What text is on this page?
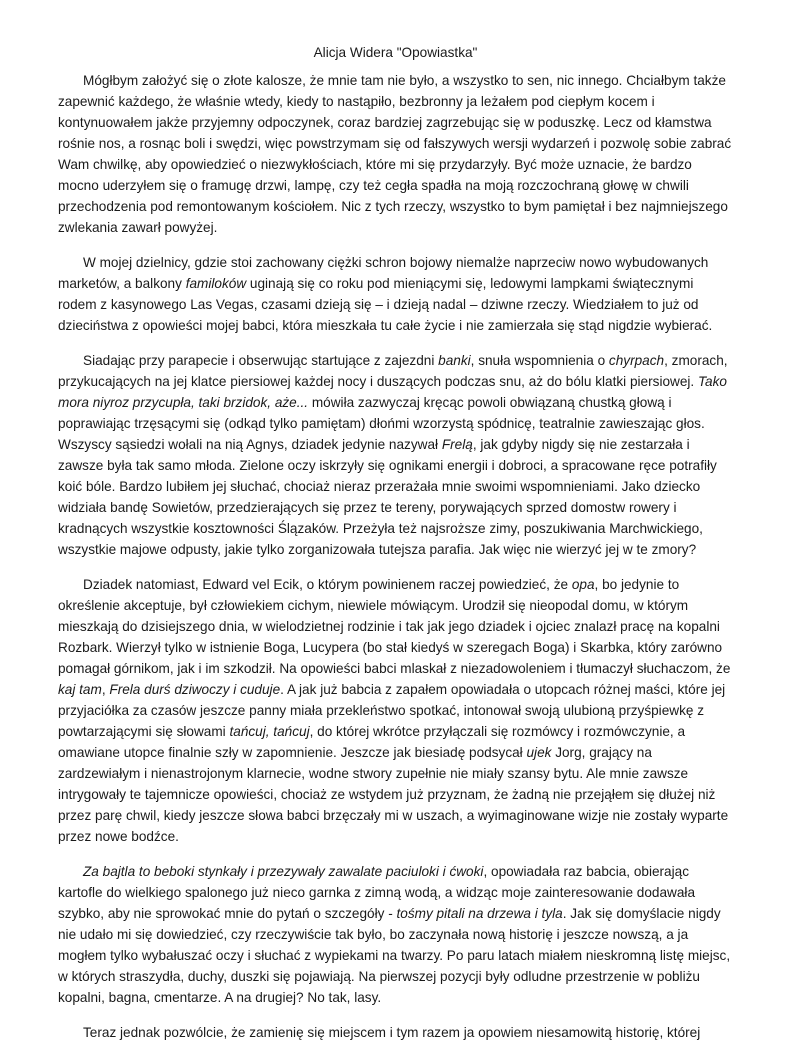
Alicja Widera "Opowiastka"

Mógłbym założyć się o złote kalosze, że mnie tam nie było, a wszystko to sen, nic innego. Chciałbym także zapewnić każdego, że właśnie wtedy, kiedy to nastąpiło, bezbronny ja leżałem pod ciepłym kocem i kontynuowałem jakże przyjemny odpoczynek, coraz bardziej zagrzebując się w poduszkę. Lecz od kłamstwa rośnie nos, a rosnąc boli i swędzi, więc powstrzymam się od fałszywych wersji wydarzeń i pozwolę sobie zabrać Wam chwilkę, aby opowiedzieć o niezwykłościach, które mi się przydarzyły. Być może uznacie, że bardzo mocno uderzyłem się o framugę drzwi, lampę, czy też cegła spadła na moją rozczochraną głowę w chwili przechodzenia pod remontowanym kościołem. Nic z tych rzeczy, wszystko to bym pamiętał i bez najmniejszego zwlekania zawarł powyżej.

W mojej dzielnicy, gdzie stoi zachowany ciężki schron bojowy niemalże naprzeciw nowo wybudowanych marketów, a balkony familoków uginają się co roku pod mieniącymi się, ledowymi lampkami świątecznymi rodem z kasynowego Las Vegas, czasami dzieją się – i dzieją nadal – dziwne rzeczy. Wiedziałem to już od dzieciństwa z opowieści mojej babci, która mieszkała tu całe życie i nie zamierzała się stąd nigdzie wybierać.

Siadając przy parapecie i obserwując startujące z zajezdni banki, snuła wspomnienia o chyrpach, zmorach, przykucających na jej klatce piersiowej każdej nocy i duszących podczas snu, aż do bólu klatki piersiowej. Tako mora niyroz przycupła, taki brzidok, aże... mówiła zazwyczaj kręcąc powoli obwiązaną chustką głową i poprawiając trzęsącymi się (odkąd tylko pamiętam) dłońmi wzorzystą spódnicę, teatralnie zawieszając głos. Wszyscy sąsiedzi wołali na nią Agnys, dziadek jedynie nazywał Frelą, jak gdyby nigdy się nie zestarzała i zawsze była tak samo młoda. Zielone oczy iskrzyły się ognikami energii i dobroci, a spracowane ręce potrafiły koić bóle. Bardzo lubiłem jej słuchać, chociaż nieraz przerażała mnie swoimi wspomnieniami. Jako dziecko widziała bandę Sowietów, przedzierających się przez te tereny, porywających sprzed domostw rowery i kradnących wszystkie kosztowności Ślązaków. Przeżyła też najsroższe zimy, poszukiwania Marchwickiego, wszystkie majowe odpusty, jakie tylko zorganizowała tutejsza parafia. Jak więc nie wierzyć jej w te zmory?

Dziadek natomiast, Edward vel Ecik, o którym powinienem raczej powiedzieć, że opa, bo jedynie to określenie akceptuje, był człowiekiem cichym, niewiele mówiącym. Urodził się nieopodal domu, w którym mieszkają do dzisiejszego dnia, w wielodzietnej rodzinie i tak jak jego dziadek i ojciec znalazł pracę na kopalni Rozbark. Wierzył tylko w istnienie Boga, Lucypera (bo stał kiedyś w szeregach Boga) i Skarbka, który zarówno pomagał górnikom, jak i im szkodził. Na opowieści babci mlaskał z niezadowoleniem i tłumaczył słuchaczom, że kaj tam, Frela durś dziwoczy i cuduje. A jak już babcia z zapałem opowiadała o utopcach różnej maści, które jej przyjaciółka za czasów jeszcze panny miała przekleństwo spotkać, intonował swoją ulubioną przyśpiewkę z powtarzającymi się słowami tańcuj, tańcuj, do której wkrótce przyłączali się rozmówcy i rozmówczynie, a omawiane utopce finalnie szły w zapomnienie. Jeszcze jak biesiadę podsycał ujek Jorg, grający na zardzewiałym i nienastrojonym klarnecie, wodne stwory zupełnie nie miały szansy bytu. Ale mnie zawsze intrygowały te tajemnicze opowieści, chociaż ze wstydem już przyznam, że żadną nie przejąłem się dłużej niż przez parę chwil, kiedy jeszcze słowa babci brzęczały mi w uszach, a wyimaginowane wizje nie zostały wyparte przez nowe bodźce.

Za bajtla to beboki stynkały i przezywały zawalate paciuloki i ćwoki, opowiadała raz babcia, obierając kartofle do wielkiego spalonego już nieco garnka z zimną wodą, a widząc moje zainteresowanie dodawała szybko, aby nie sprowokać mnie do pytań o szczegóły - tośmy pitali na drzewa i tyla. Jak się domyślacie nigdy nie udało mi się dowiedzieć, czy rzeczywiście tak było, bo zaczynała nową historię i jeszcze nowszą, a ja mogłem tylko wybałuszać oczy i słuchać z wypiekami na twarzy. Po paru latach miałem nieskromną listę miejsc, w których straszydła, duchy, duszki się pojawiają. Na pierwszej pozycji były odludne przestrzenie w pobliżu kopalni, bagna, cmentarze. A na drugiej? No tak, lasy.

Teraz jednak pozwólcie, że zamienię się miejscem i tym razem ja opowiem niesamowitą historię, której
